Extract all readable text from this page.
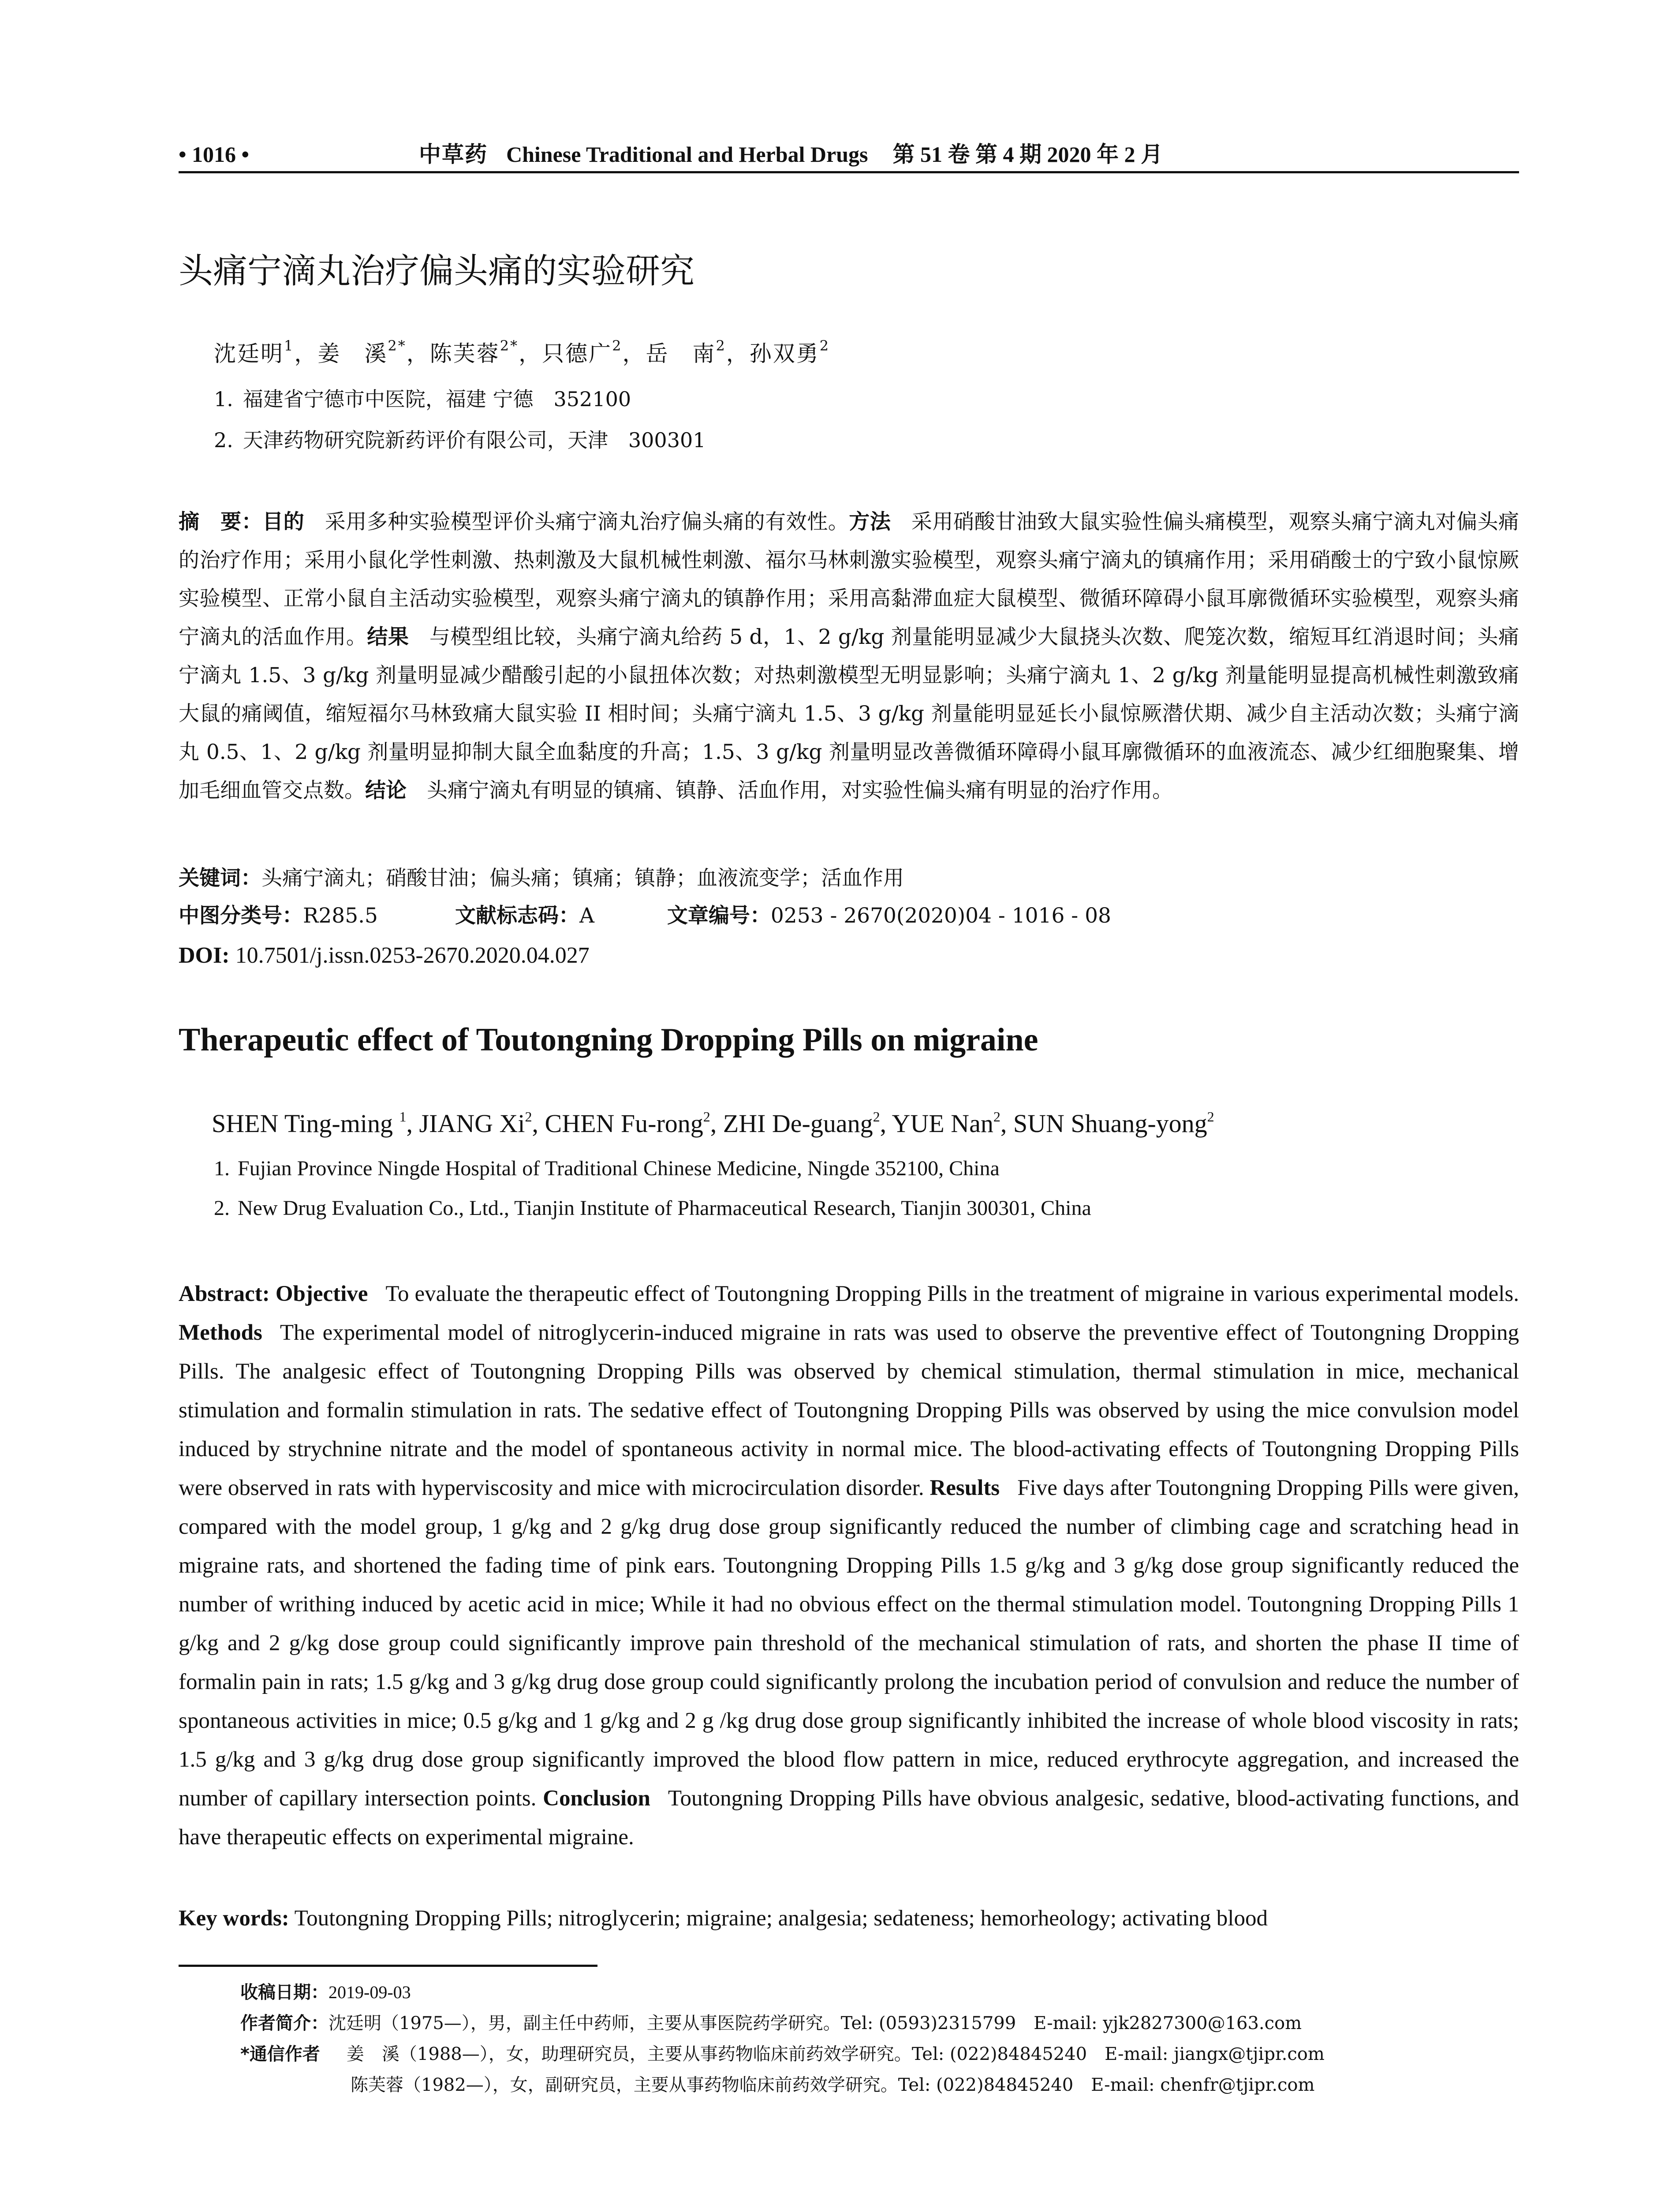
• 1016 •	中草药 Chinese Traditional and Herbal Drugs 第 51 卷 第 4 期 2020 年 2 月
头痛宁滴丸治疗偏头痛的实验研究
沈廷明$^1$，姜　溪$^{2*}$，陈芙蓉$^{2*}$，只德广$^2$，岳　南$^2$，孙双勇$^2$
1. 福建省宁德市中医院，福建 宁德　352100
2. 天津药物研究院新药评价有限公司，天津　300301
摘　要：目的 采用多种实验模型评价头痛宁滴丸治疗偏头痛的有效性。方法 采用硝酸甘油致大鼠实验性偏头痛模型，观察头痛宁滴丸对偏头痛的治疗作用；采用小鼠化学性刺激、热刺激及大鼠机械性刺激、福尔马林刺激实验模型，观察头痛宁滴丸的镇痛作用；采用硝酸士的宁致小鼠惊厥实验模型、正常小鼠自主活动实验模型，观察头痛宁滴丸的镇静作用；采用高黏滞血症大鼠模型、微循环障碍小鼠耳廓微循环实验模型，观察头痛宁滴丸的活血作用。结果 与模型组比较，头痛宁滴丸给药 5 d，1、2 g/kg 剂量能明显减少大鼠挠头次数、爬笼次数，缩短耳红消退时间；头痛宁滴丸 1.5、3 g/kg 剂量明显减少醋酸引起的小鼠扭体次数；对热刺激模型无明显影响；头痛宁滴丸 1、2 g/kg 剂量能明显提高机械性刺激致痛大鼠的痛阈值，缩短福尔马林致痛大鼠实验 II 相时间；头痛宁滴丸 1.5、3 g/kg 剂量能明显延长小鼠惊厥潜伏期、减少自主活动次数；头痛宁滴丸 0.5、1、2 g/kg 剂量明显抑制大鼠全血黏度的升高；1.5、3 g/kg 剂量明显改善微循环障碍小鼠耳廓微循环的血液流态、减少红细胞聚集、增加毛细血管交点数。结论 头痛宁滴丸有明显的镇痛、镇静、活血作用，对实验性偏头痛有明显的治疗作用。
关键词：头痛宁滴丸；硝酸甘油；偏头痛；镇痛；镇静；血液流变学；活血作用
中图分类号：R285.5	文献标志码：A	文章编号：0253 - 2670(2020)04 - 1016 - 08
DOI: 10.7501/j.issn.0253-2670.2020.04.027
Therapeutic effect of Toutongning Dropping Pills on migraine
SHEN Ting-ming $^1$, JIANG Xi$^2$, CHEN Fu-rong$^2$, ZHI De-guang$^2$, YUE Nan$^2$, SUN Shuang-yong$^2$
1. Fujian Province Ningde Hospital of Traditional Chinese Medicine, Ningde 352100, China
2. New Drug Evaluation Co., Ltd., Tianjin Institute of Pharmaceutical Research, Tianjin 300301, China
Abstract: Objective To evaluate the therapeutic effect of Toutongning Dropping Pills in the treatment of migraine in various experimental models. Methods The experimental model of nitroglycerin-induced migraine in rats was used to observe the preventive effect of Toutongning Dropping Pills. The analgesic effect of Toutongning Dropping Pills was observed by chemical stimulation, thermal stimulation in mice, mechanical stimulation and formalin stimulation in rats. The sedative effect of Toutongning Dropping Pills was observed by using the mice convulsion model induced by strychnine nitrate and the model of spontaneous activity in normal mice. The blood-activating effects of Toutongning Dropping Pills were observed in rats with hyperviscosity and mice with microcirculation disorder. Results Five days after Toutongning Dropping Pills were given, compared with the model group, 1 g/kg and 2 g/kg drug dose group significantly reduced the number of climbing cage and scratching head in migraine rats, and shortened the fading time of pink ears. Toutongning Dropping Pills 1.5 g/kg and 3 g/kg dose group significantly reduced the number of writhing induced by acetic acid in mice; While it had no obvious effect on the thermal stimulation model. Toutongning Dropping Pills 1 g/kg and 2 g/kg dose group could significantly improve pain threshold of the mechanical stimulation of rats, and shorten the phase II time of formalin pain in rats; 1.5 g/kg and 3 g/kg drug dose group could significantly prolong the incubation period of convulsion and reduce the number of spontaneous activities in mice; 0.5 g/kg and 1 g/kg and 2 g /kg drug dose group significantly inhibited the increase of whole blood viscosity in rats; 1.5 g/kg and 3 g/kg drug dose group significantly improved the blood flow pattern in mice, reduced erythrocyte aggregation, and increased the number of capillary intersection points. Conclusion Toutongning Dropping Pills have obvious analgesic, sedative, blood-activating functions, and have therapeutic effects on experimental migraine.
Key words: Toutongning Dropping Pills; nitroglycerin; migraine; analgesia; sedateness; hemorheology; activating blood
收稿日期：2019-09-03
作者简介：沈廷明（1975—），男，副主任中药师，主要从事医院药学研究。Tel: (0593)2315799　E-mail: yjk2827300@163.com
*通信作者 姜　溪（1988—），女，助理研究员，主要从事药物临床前药效学研究。Tel: (022)84845240　E-mail: jiangx@tjipr.com
陈芙蓉（1982—），女，副研究员，主要从事药物临床前药效学研究。Tel: (022)84845240　E-mail: chenfr@tjipr.com
